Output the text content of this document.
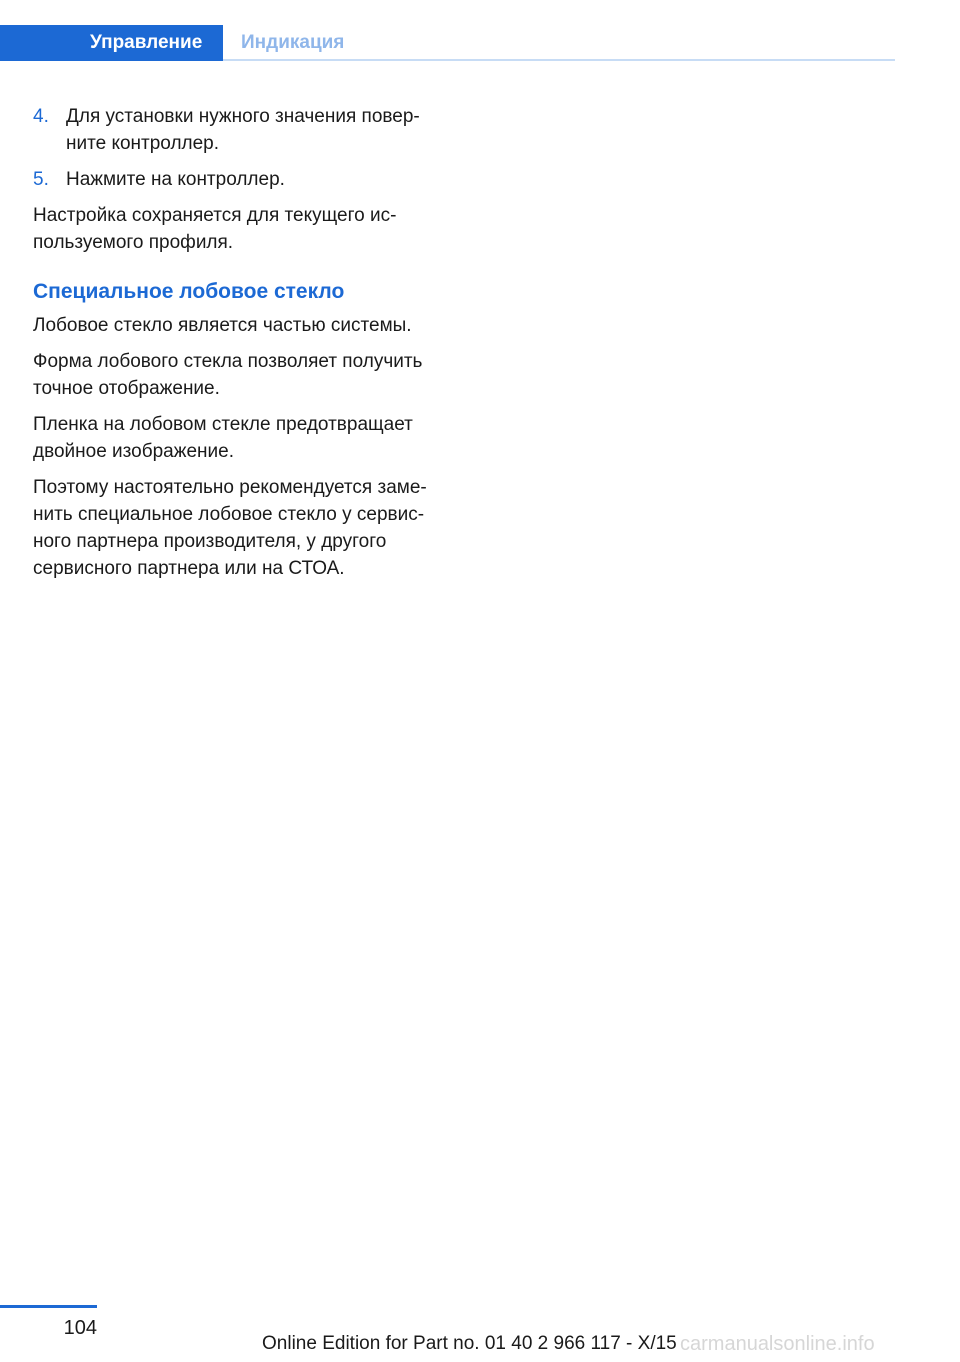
Управление	Индикация
4. Для установки нужного значения повер-ните контроллер.
5. Нажмите на контроллер.

Настройка сохраняется для текущего ис-пользуемого профиля.

Специальное лобовое стекло

Лобовое стекло является частью системы.

Форма лобового стекла позволяет получить точное отображение.

Пленка на лобовом стекле предотвращает двойное изображение.

Поэтому настоятельно рекомендуется заме-нить специальное лобовое стекло у сервис-ного партнера производителя, у другого сервисного партнера или на СТОА.

104
Online Edition for Part no. 01 40 2 966 117 - X/15 carmanualsonline.info
